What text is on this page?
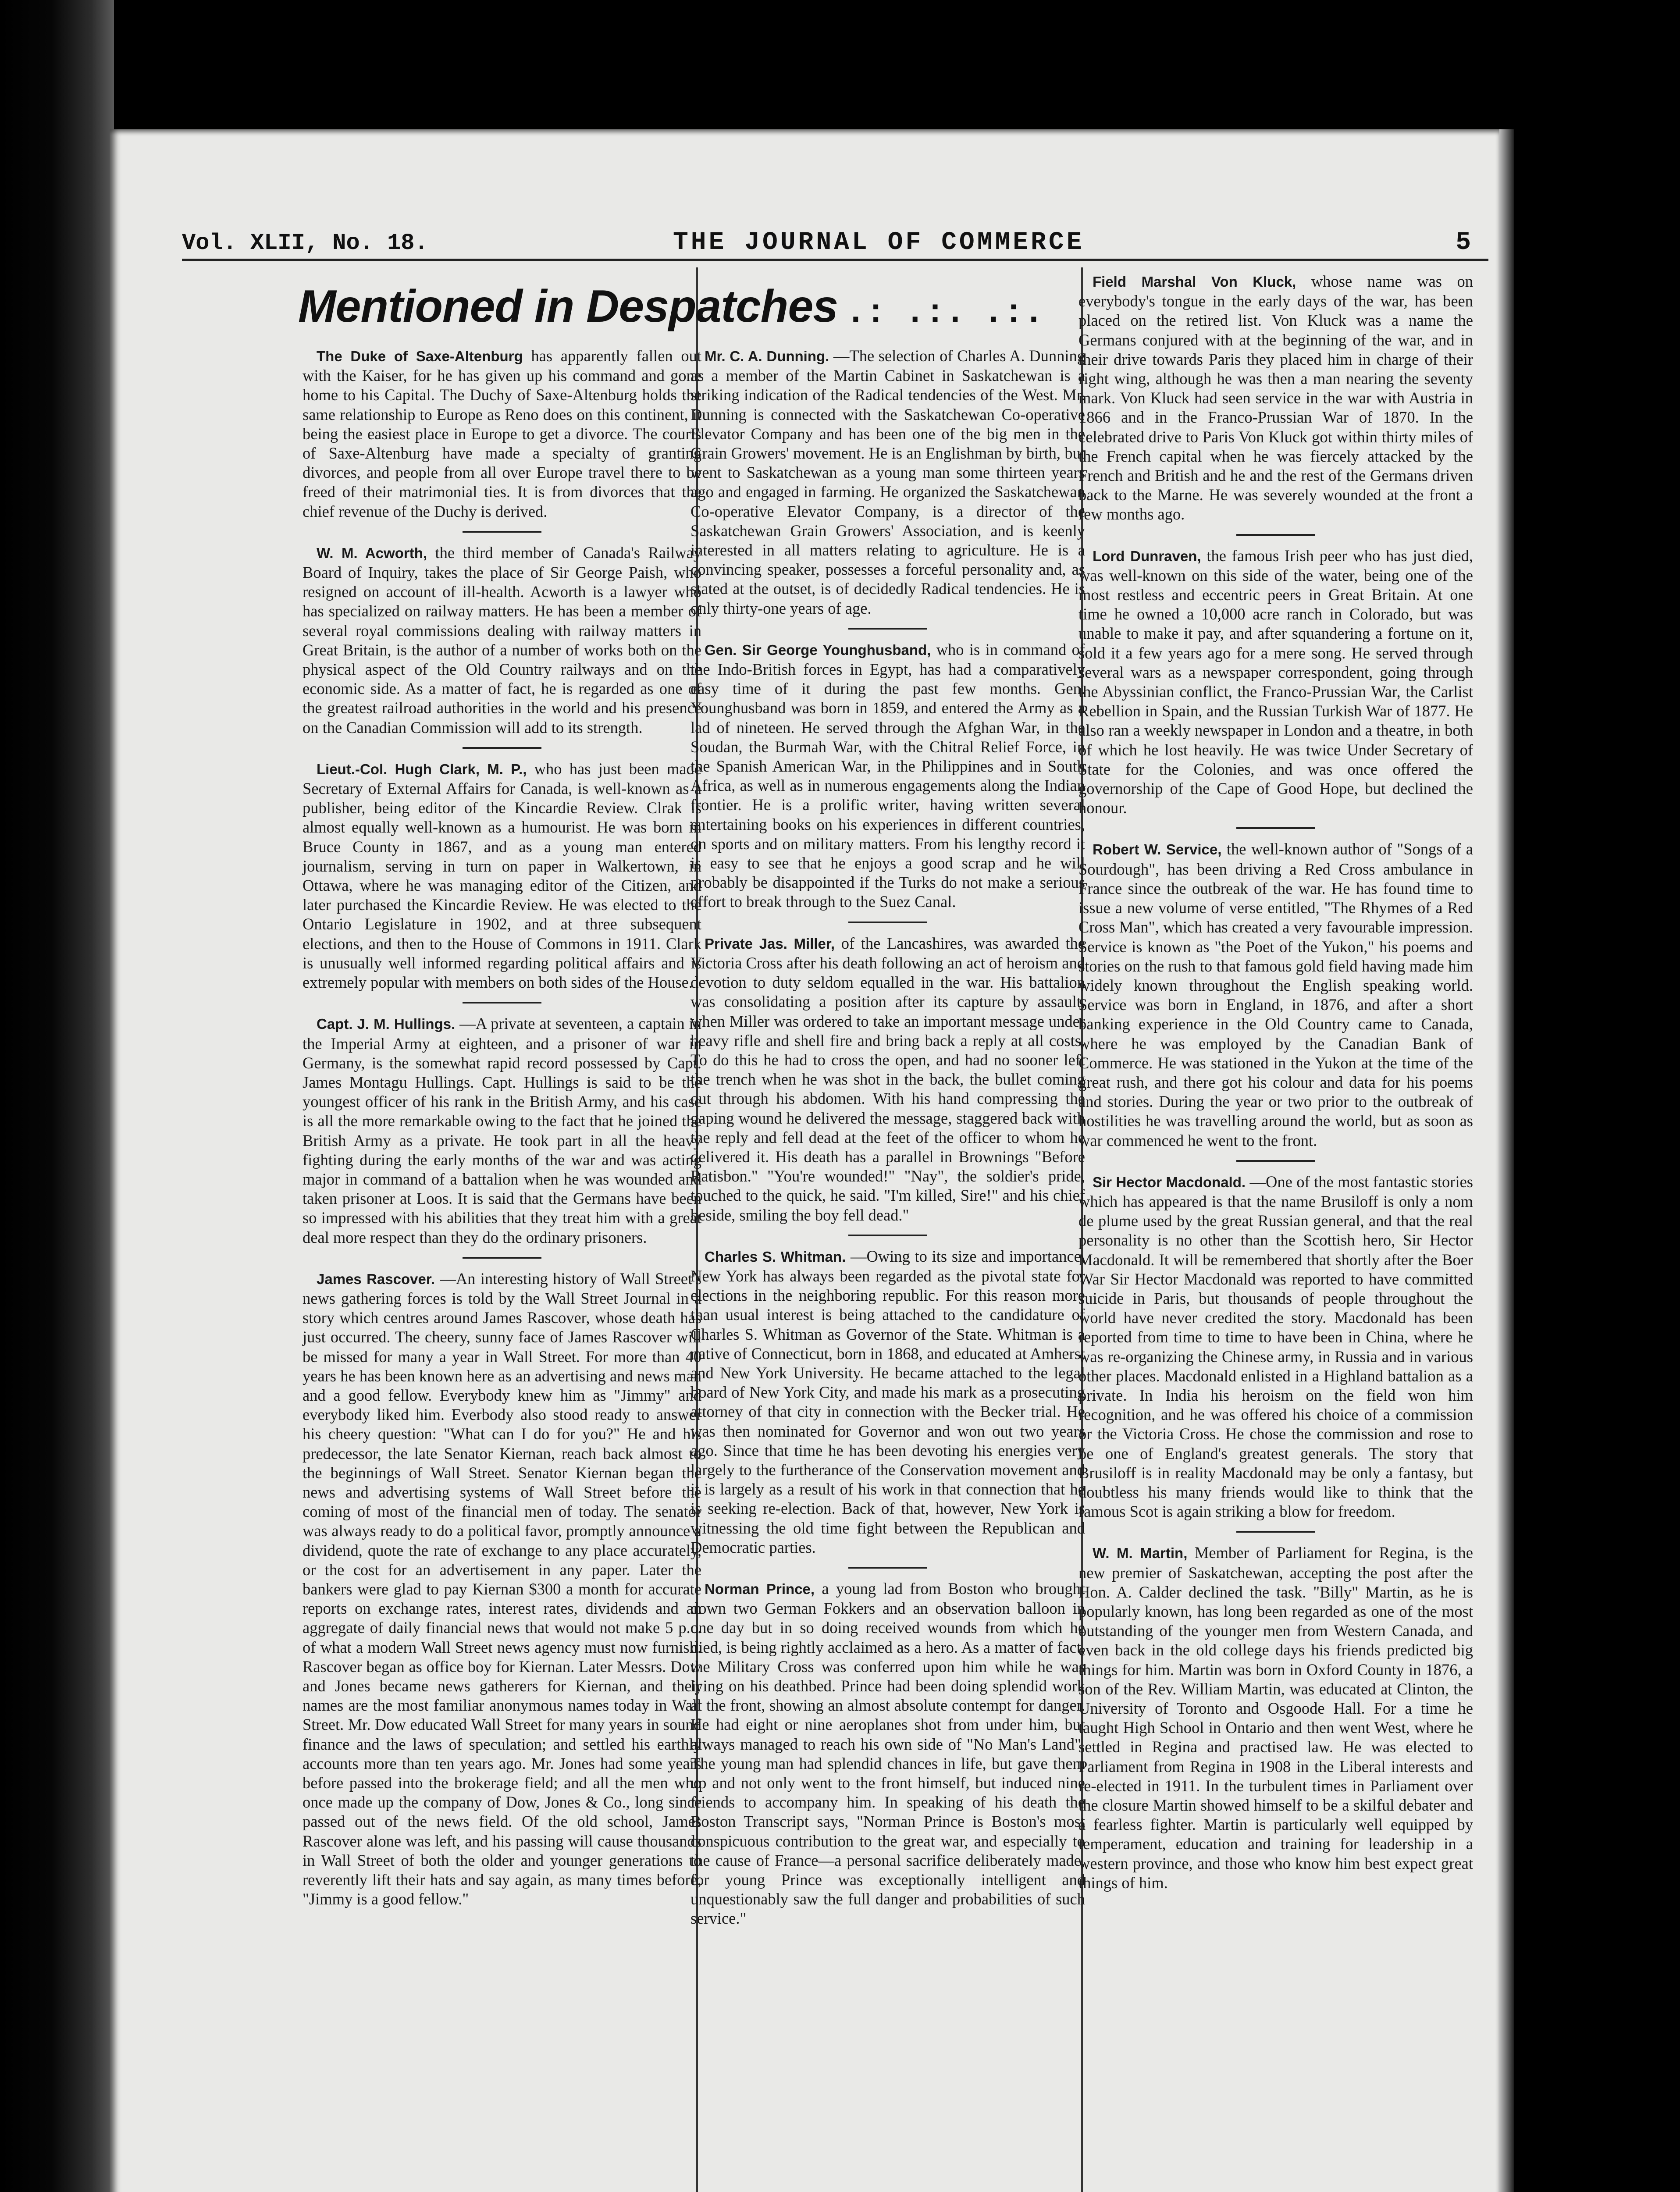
Vol. XLII, No. 18.	THE JOURNAL OF COMMERCE	5
Mentioned in Despatches .: .:. .:.

The Duke of Saxe-Altenburg has apparently fallen out with the Kaiser, for he has given up his command and gone home to his Capital. The Duchy of Saxe-Altenburg holds the same relationship to Europe as Reno does on this continent, it being the easiest place in Europe to get a divorce. The courts of Saxe-Altenburg have made a specialty of granting divorces, and people from all over Europe travel there to be freed of their matrimonial ties. It is from divorces that the chief revenue of the Duchy is derived.

W. M. Acworth, the third member of Canada's Railway Board of Inquiry, takes the place of Sir George Paish, who resigned on account of ill-health. Acworth is a lawyer who has specialized on railway matters. He has been a member of several royal commissions dealing with railway matters in Great Britain, is the author of a number of works both on the physical aspect of the Old Country railways and on the economic side. As a matter of fact, he is regarded as one of the greatest railroad authorities in the world and his presence on the Canadian Commission will add to its strength.

Lieut.-Col. Hugh Clark, M. P., who has just been made Secretary of External Affairs for Canada, is well-known as a publisher, being editor of the Kincardie Review. Clrak is almost equally well-known as a humourist. He was born in Bruce County in 1867, and as a young man entered journalism, serving in turn on paper in Walkertown, in Ottawa, where he was managing editor of the Citizen, and later purchased the Kincardie Review. He was elected to the Ontario Legislature in 1902, and at three subsequent elections, and then to the House of Commons in 1911. Clark is unusually well informed regarding political affairs and is extremely popular with members on both sides of the House.

Capt. J. M. Hullings. —A private at seventeen, a captain in the Imperial Army at eighteen, and a prisoner of war in Germany, is the somewhat rapid record possessed by Capt. James Montagu Hullings. Capt. Hullings is said to be the youngest officer of his rank in the British Army, and his case is all the more remarkable owing to the fact that he joined the British Army as a private. He took part in all the heavy fighting during the early months of the war and was acting major in command of a battalion when he was wounded and taken prisoner at Loos. It is said that the Germans have been so impressed with his abilities that they treat him with a great deal more respect than they do the ordinary prisoners.

James Rascover. —An interesting history of Wall Street's news gathering forces is told by the Wall Street Journal in a story which centres around James Rascover, whose death has just occurred. The cheery, sunny face of James Rascover will be missed for many a year in Wall Street. For more than 40 years he has been known here as an advertising and news man and a good fellow. Everybody knew him as "Jimmy" and everybody liked him. Everbody also stood ready to answer his cheery question: "What can I do for you?" He and his predecessor, the late Senator Kiernan, reach back almost to the beginnings of Wall Street. Senator Kiernan began the news and advertising systems of Wall Street before the coming of most of the financial men of today. The senator was always ready to do a political favor, promptly announce a dividend, quote the rate of exchange to any place accurately, or the cost for an advertisement in any paper. Later the bankers were glad to pay Kiernan $300 a month for accurate reports on exchange rates, interest rates, dividends and an aggregate of daily financial news that would not make 5 p.c. of what a modern Wall Street news agency must now furnish. Rascover began as office boy for Kiernan. Later Messrs. Dow and Jones became news gatherers for Kiernan, and their names are the most familiar anonymous names today in Wall Street. Mr. Dow educated Wall Street for many years in sound finance and the laws of speculation; and settled his earthly accounts more than ten years ago. Mr. Jones had some years before passed into the brokerage field; and all the men who once made up the company of Dow, Jones & Co., long since passed out of the news field. Of the old school, James Rascover alone was left, and his passing will cause thousands in Wall Street of both the older and younger generations to reverently lift their hats and say again, as many times before, "Jimmy is a good fellow."

Mr. C. A. Dunning. —The selection of Charles A. Dunning as a member of the Martin Cabinet in Saskatchewan is a striking indication of the Radical tendencies of the West. Mr. Dunning is connected with the Saskatchewan Co-operative Elevator Company and has been one of the big men in the Grain Growers' movement. He is an Englishman by birth, but went to Saskatchewan as a young man some thirteen years ago and engaged in farming. He organized the Saskatchewan Co-operative Elevator Company, is a director of the Saskatchewan Grain Growers' Association, and is keenly interested in all matters relating to agriculture. He is a convincing speaker, possesses a forceful personality and, as stated at the outset, is of decidedly Radical tendencies. He is only thirty-one years of age.

Gen. Sir George Younghusband, who is in command of the Indo-British forces in Egypt, has had a comparatively easy time of it during the past few months. Gen. Younghusband was born in 1859, and entered the Army as a lad of nineteen. He served through the Afghan War, in the Soudan, the Burmah War, with the Chitral Relief Force, in the Spanish American War, in the Philippines and in South Africa, as well as in numerous engagements along the Indian frontier. He is a prolific writer, having written several entertaining books on his experiences in different countries, on sports and on military matters. From his lengthy record it is easy to see that he enjoys a good scrap and he will probably be disappointed if the Turks do not make a serious effort to break through to the Suez Canal.

Private Jas. Miller, of the Lancashires, was awarded the Victoria Cross after his death following an act of heroism and devotion to duty seldom equalled in the war. His battalion was consolidating a position after its capture by assault, when Miller was ordered to take an important message under heavy rifle and shell fire and bring back a reply at all costs. To do this he had to cross the open, and had no sooner left the trench when he was shot in the back, the bullet coming out through his abdomen. With his hand compressing the gaping wound he delivered the message, staggered back with the reply and fell dead at the feet of the officer to whom he delivered it. His death has a parallel in Brownings "Before Ratisbon." "You're wounded!" "Nay", the soldier's pride, touched to the quick, he said. "I'm killed, Sire!" and his chief beside, smiling the boy fell dead."

Charles S. Whitman. —Owing to its size and importance, New York has always been regarded as the pivotal state for elections in the neighboring republic. For this reason more than usual interest is being attached to the candidature of Charles S. Whitman as Governor of the State. Whitman is a native of Connecticut, born in 1868, and educated at Amherst and New York University. He became attached to the legal board of New York City, and made his mark as a prosecuting attorney of that city in connection with the Becker trial. He was then nominated for Governor and won out two years ago. Since that time he has been devoting his energies very largely to the furtherance of the Conservation movement and it is largely as a result of his work in that connection that he is seeking re-election. Back of that, however, New York is witnessing the old time fight between the Republican and Democratic parties.

Norman Prince, a young lad from Boston who brought down two German Fokkers and an observation balloon in one day but in so doing received wounds from which he died, is being rightly acclaimed as a hero. As a matter of fact, the Military Cross was conferred upon him while he was lying on his deathbed. Prince had been doing splendid work at the front, showing an almost absolute contempt for danger. He had eight or nine aeroplanes shot from under him, but always managed to reach his own side of "No Man's Land". The young man had splendid chances in life, but gave them up and not only went to the front himself, but induced nine friends to accompany him. In speaking of his death the Boston Transcript says, "Norman Prince is Boston's most conspicuous contribution to the great war, and especially to the cause of France—a personal sacrifice deliberately made, for young Prince was exceptionally intelligent and unquestionably saw the full danger and probabilities of such service."

Field Marshal Von Kluck, whose name was on everybody's tongue in the early days of the war, has been placed on the retired list. Von Kluck was a name the Germans conjured with at the beginning of the war, and in their drive towards Paris they placed him in charge of their right wing, although he was then a man nearing the seventy mark. Von Kluck had seen service in the war with Austria in 1866 and in the Franco-Prussian War of 1870. In the celebrated drive to Paris Von Kluck got within thirty miles of the French capital when he was fiercely attacked by the French and British and he and the rest of the Germans driven back to the Marne. He was severely wounded at the front a few months ago.

Lord Dunraven, the famous Irish peer who has just died, was well-known on this side of the water, being one of the most restless and eccentric peers in Great Britain. At one time he owned a 10,000 acre ranch in Colorado, but was unable to make it pay, and after squandering a fortune on it, sold it a few years ago for a mere song. He served through several wars as a newspaper correspondent, going through the Abyssinian conflict, the Franco-Prussian War, the Carlist Rebellion in Spain, and the Russian Turkish War of 1877. He also ran a weekly newspaper in London and a theatre, in both of which he lost heavily. He was twice Under Secretary of State for the Colonies, and was once offered the governorship of the Cape of Good Hope, but declined the honour.

Robert W. Service, the well-known author of "Songs of a Sourdough", has been driving a Red Cross ambulance in France since the outbreak of the war. He has found time to issue a new volume of verse entitled, "The Rhymes of a Red Cross Man", which has created a very favourable impression. Service is known as "the Poet of the Yukon," his poems and stories on the rush to that famous gold field having made him widely known throughout the English speaking world. Service was born in England, in 1876, and after a short banking experience in the Old Country came to Canada, where he was employed by the Canadian Bank of Commerce. He was stationed in the Yukon at the time of the great rush, and there got his colour and data for his poems and stories. During the year or two prior to the outbreak of hostilities he was travelling around the world, but as soon as war commenced he went to the front.

Sir Hector Macdonald. —One of the most fantastic stories which has appeared is that the name Brusiloff is only a nom de plume used by the great Russian general, and that the real personality is no other than the Scottish hero, Sir Hector Macdonald. It will be remembered that shortly after the Boer War Sir Hector Macdonald was reported to have committed suicide in Paris, but thousands of people throughout the world have never credited the story. Macdonald has been reported from time to time to have been in China, where he was re-organizing the Chinese army, in Russia and in various other places. Macdonald enlisted in a Highland battalion as a private. In India his heroism on the field won him recognition, and he was offered his choice of a commission or the Victoria Cross. He chose the commission and rose to be one of England's greatest generals. The story that Brusiloff is in reality Macdonald may be only a fantasy, but doubtless his many friends would like to think that the famous Scot is again striking a blow for freedom.

W. M. Martin, Member of Parliament for Regina, is the new premier of Saskatchewan, accepting the post after the Hon. A. Calder declined the task. "Billy" Martin, as he is popularly known, has long been regarded as one of the most outstanding of the younger men from Western Canada, and even back in the old college days his friends predicted big things for him. Martin was born in Oxford County in 1876, a son of the Rev. William Martin, was educated at Clinton, the University of Toronto and Osgoode Hall. For a time he taught High School in Ontario and then went West, where he settled in Regina and practised law. He was elected to Parliament from Regina in 1908 in the Liberal interests and re-elected in 1911. In the turbulent times in Parliament over the closure Martin showed himself to be a skilful debater and a fearless fighter. Martin is particularly well equipped by temperament, education and training for leadership in a western province, and those who know him best expect great things of him.
